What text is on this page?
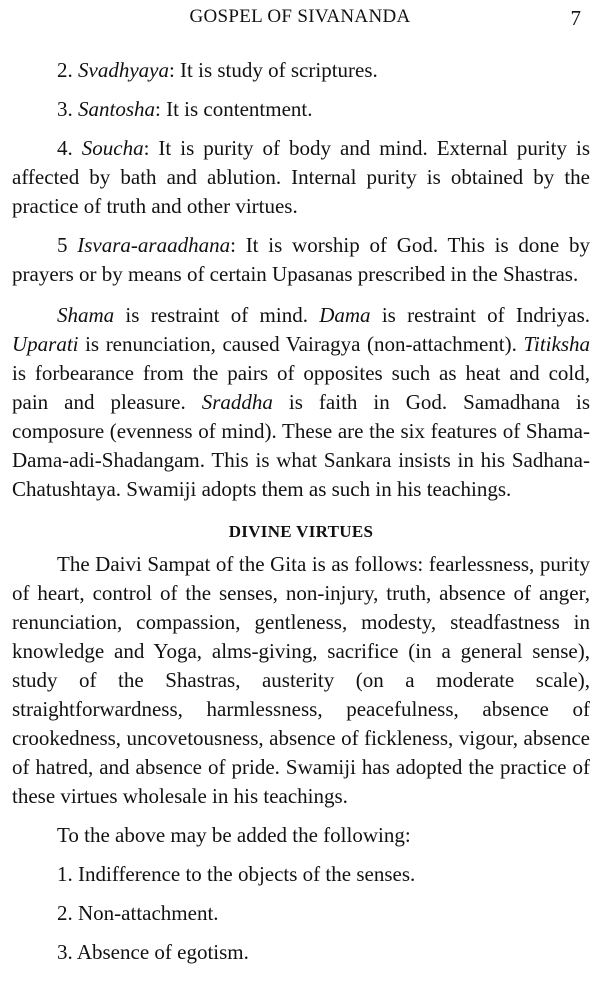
GOSPEL OF SIVANANDA	7

2. Svadhyaya: It is study of scriptures.

3. Santosha: It is contentment.

4. Soucha: It is purity of body and mind. External purity is affected by bath and ablution. Internal purity is obtained by the practice of truth and other virtues.

5 Isvara-araadhana: It is worship of God. This is done by prayers or by means of certain Upasanas prescribed in the Shastras.

Shama is restraint of mind. Dama is restraint of Indriyas. Uparati is renunciation, caused Vairagya (non-attachment). Titiksha is forbearance from the pairs of opposites such as heat and cold, pain and pleasure. Sraddha is faith in God. Samadhana is composure (evenness of mind). These are the six features of Shama-Dama-adi-Shadangam. This is what Sankara insists in his Sadhana-Chatushtaya. Swamiji adopts them as such in his teachings.

DIVINE VIRTUES

The Daivi Sampat of the Gita is as follows: fearlessness, purity of heart, control of the senses, non-injury, truth, absence of anger, renunciation, compassion, gentleness, modesty, steadfastness in knowledge and Yoga, alms-giving, sacrifice (in a general sense), study of the Shastras, austerity (on a moderate scale), straightforwardness, harmlessness, peacefulness, absence of crookedness, uncovetousness, absence of fickleness, vigour, absence of hatred, and absence of pride. Swamiji has adopted the practice of these virtues wholesale in his teachings.

To the above may be added the following:

1. Indifference to the objects of the senses.

2. Non-attachment.

3. Absence of egotism.
